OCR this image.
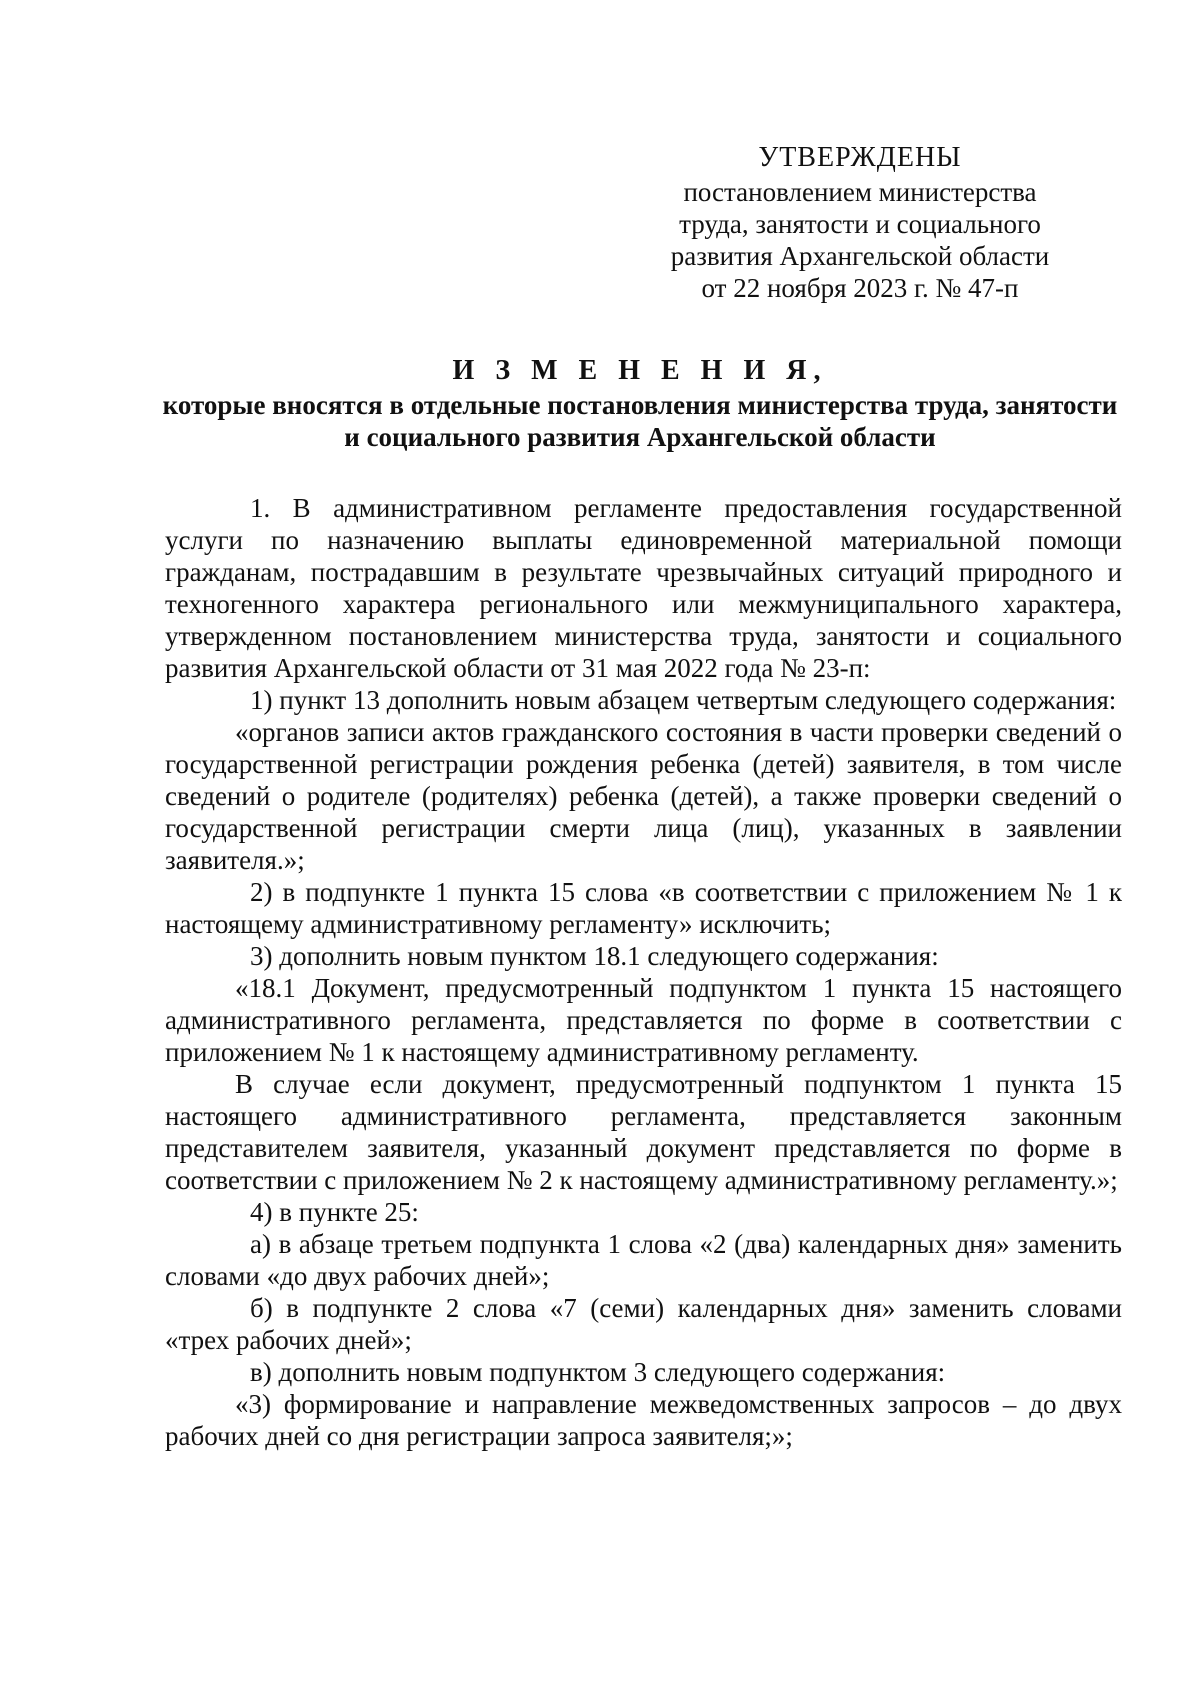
УТВЕРЖДЕНЫ
постановлением министерства
труда, занятости и социального
развития Архангельской области
от 22 ноября 2023 г. № 47-п
И З М Е Н Е Н И Я,
которые вносятся в отдельные постановления министерства труда, занятости и социального развития Архангельской области

1. В административном регламенте предоставления государственной услуги по назначению выплаты единовременной материальной помощи гражданам, пострадавшим в результате чрезвычайных ситуаций природного и техногенного характера регионального или межмуниципального характера, утвержденном постановлением министерства труда, занятости и социального развития Архангельской области от 31 мая 2022 года № 23-п:

1) пункт 13 дополнить новым абзацем четвертым следующего содержания:

«органов записи актов гражданского состояния в части проверки сведений о государственной регистрации рождения ребенка (детей) заявителя, в том числе сведений о родителе (родителях) ребенка (детей), а также проверки сведений о государственной регистрации смерти лица (лиц), указанных в заявлении заявителя.»;

2) в подпункте 1 пункта 15 слова «в соответствии с приложением № 1 к настоящему административному регламенту» исключить;

3) дополнить новым пунктом 18.1 следующего содержания:

«18.1 Документ, предусмотренный подпунктом 1 пункта 15 настоящего административного регламента, представляется по форме в соответствии с приложением № 1 к настоящему административному регламенту.

В случае если документ, предусмотренный подпунктом 1 пункта 15 настоящего административного регламента, представляется законным представителем заявителя, указанный документ представляется по форме в соответствии с приложением № 2 к настоящему административному регламенту.»;

4) в пункте 25:

а) в абзаце третьем подпункта 1 слова «2 (два) календарных дня» заменить словами «до двух рабочих дней»;

б) в подпункте 2 слова «7 (семи) календарных дня» заменить словами «трех рабочих дней»;

в) дополнить новым подпунктом 3 следующего содержания:

«3) формирование и направление межведомственных запросов – до двух рабочих дней со дня регистрации запроса заявителя;»;
